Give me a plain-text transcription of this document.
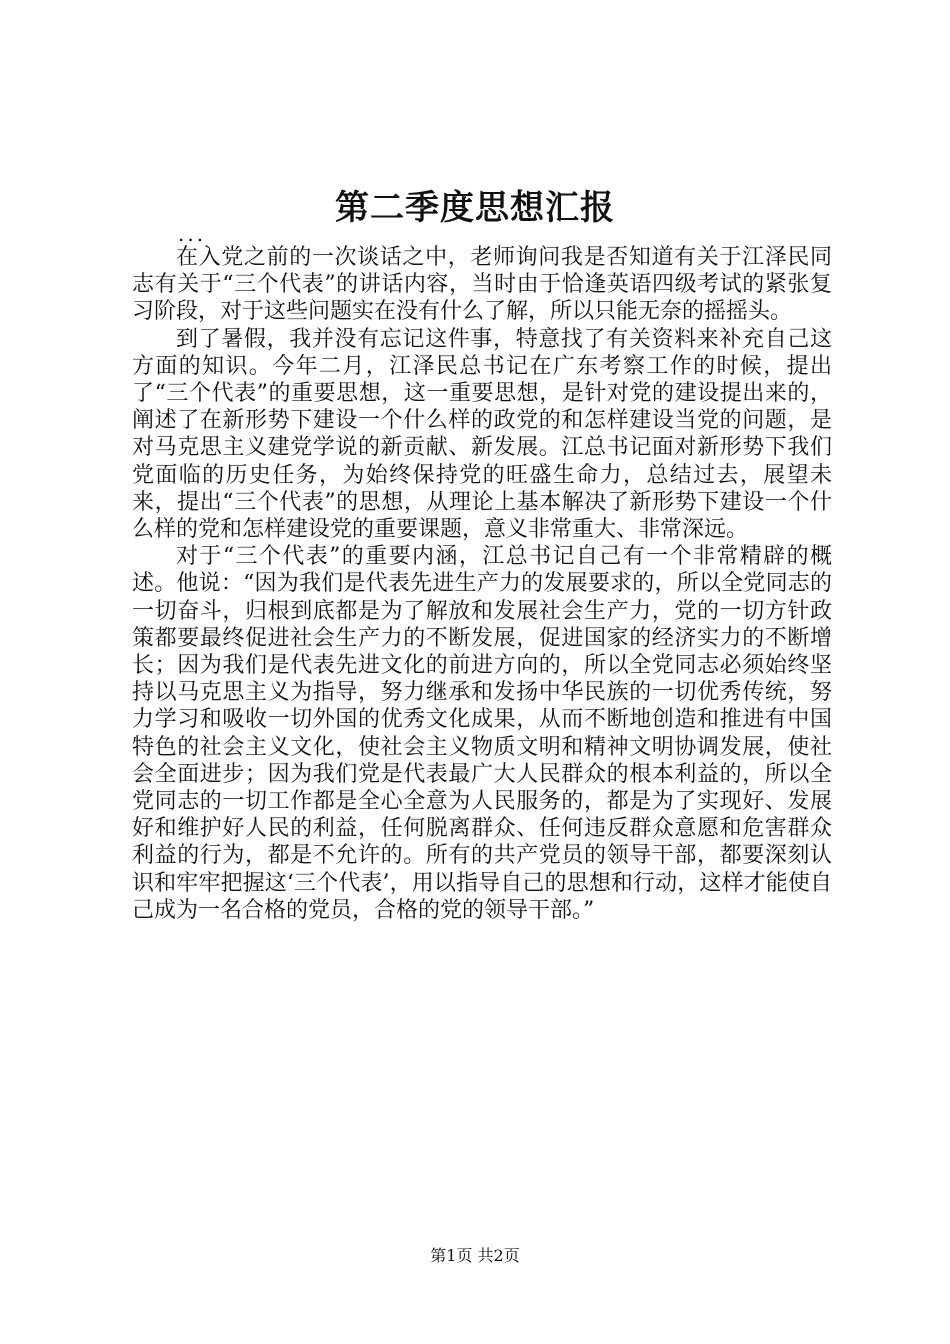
第二季度思想汇报
...

在入党之前的一次谈话之中，老师询问我是否知道有关于江泽民同志有关于“三个代表”的讲话内容，当时由于恰逢英语四级考试的紧张复习阶段，对于这些问题实在没有什么了解，所以只能无奈的摇摇头。

到了暑假，我并没有忘记这件事，特意找了有关资料来补充自己这方面的知识。今年二月，江泽民总书记在广东考察工作的时候，提出了“三个代表”的重要思想，这一重要思想，是针对党的建设提出来的，阐述了在新形势下建设一个什么样的政党的和怎样建设当党的问题，是对马克思主义建党学说的新贡献、新发展。江总书记面对新形势下我们党面临的历史任务，为始终保持党的旺盛生命力，总结过去，展望未来，提出“三个代表”的思想，从理论上基本解决了新形势下建设一个什么样的党和怎样建设党的重要课题，意义非常重大、非常深远。

对于“三个代表”的重要内涵，江总书记自己有一个非常精辟的概述。他说：“因为我们是代表先进生产力的发展要求的，所以全党同志的一切奋斗，归根到底都是为了解放和发展社会生产力，党的一切方针政策都要最终促进社会生产力的不断发展，促进国家的经济实力的不断增长；因为我们是代表先进文化的前进方向的，所以全党同志必须始终坚持以马克思主义为指导，努力继承和发扬中华民族的一切优秀传统，努力学习和吸收一切外国的优秀文化成果，从而不断地创造和推进有中国特色的社会主义文化，使社会主义物质文明和精神文明协调发展，使社会全面进步；因为我们党是代表最广大人民群众的根本利益的，所以全党同志的一切工作都是全心全意为人民服务的，都是为了实现好、发展好和维护好人民的利益，任何脱离群众、任何违反群众意愿和危害群众利益的行为，都是不允许的。所有的共产党员的领导干部，都要深刻认识和牢牢把握这‘三个代表’，用以指导自己的思想和行动，这样才能使自己成为一名合格的党员，合格的党的领导干部。”

第1页 共2页
